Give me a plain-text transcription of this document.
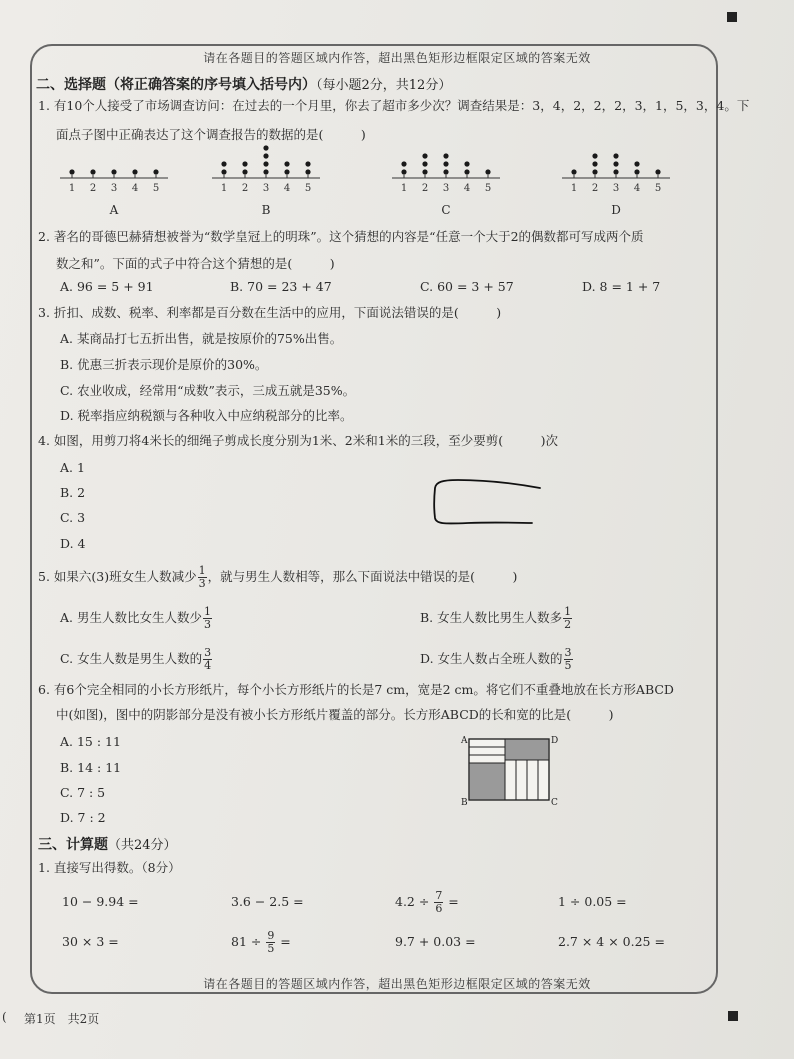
请在各题目的答题区域内作答，超出黑色矩形边框限定区域的答案无效
二、选择题（将正确答案的序号填入括号内）（每小题2分，共12分）
1. 有10个人接受了市场调查访问：在过去的一个月里，你去了超市多少次？调查结果是：3，4，2，2，2，3，1，5，3，4。下
面点子图中正确表达了这个调查报告的数据的是(　　　)
1 2 3 4 5
A
1 2 3 4 5
B
1 2 3 4 5
C
1 2 3 4 5
D
2. 著名的哥德巴赫猜想被誉为“数学皇冠上的明珠”。这个猜想的内容是“任意一个大于2的偶数都可写成两个质
数之和”。下面的式子中符合这个猜想的是(　　　)
A. 96 = 5 + 91	B. 70 = 23 + 47	C. 60 = 3 + 57	D. 8 = 1 + 7
3. 折扣、成数、税率、利率都是百分数在生活中的应用，下面说法错误的是(　　　)
A. 某商品打七五折出售，就是按原价的75%出售。
B. 优惠三折表示现价是原价的30%。
C. 农业收成，经常用“成数”表示，三成五就是35%。
D. 税率指应纳税额与各种收入中应纳税部分的比率。
4. 如图，用剪刀将4米长的细绳子剪成长度分别为1米、2米和1米的三段，至少要剪(　　　)次
A. 1
B. 2
C. 3
D. 4
5. 如果六(3)班女生人数减少 $\frac{1}{3}$ ，就与男生人数相等，那么下面说法中错误的是(　　　)
A. 男生人数比女生人数少 $\frac{1}{3}$	B. 女生人数比男生人数多 $\frac{1}{2}$
C. 女生人数是男生人数的 $\frac{3}{4}$	D. 女生人数占全班人数的 $\frac{3}{5}$
6. 有6个完全相同的小长方形纸片，每个小长方形纸片的长是7 cm，宽是2 cm。将它们不重叠地放在长方形ABCD
中(如图)，图中的阴影部分是没有被小长方形纸片覆盖的部分。长方形ABCD的长和宽的比是(　　　)
A. 15 : 11
B. 14 : 11
C. 7 : 5
D. 7 : 2
A	D
B	C
三、计算题（共24分）
1. 直接写出得数。（8分）
10 − 9.94 =	3.6 − 2.5 =	$4.2 \div \frac{7}{6}$ =	1 ÷ 0.05 =
30 × 3 =	$81 \div \frac{9}{5}$ =	9.7 + 0.03 =	2.7 × 4 × 0.25 =
请在各题目的答题区域内作答，超出黑色矩形边框限定区域的答案无效
( 第1页　共2页
